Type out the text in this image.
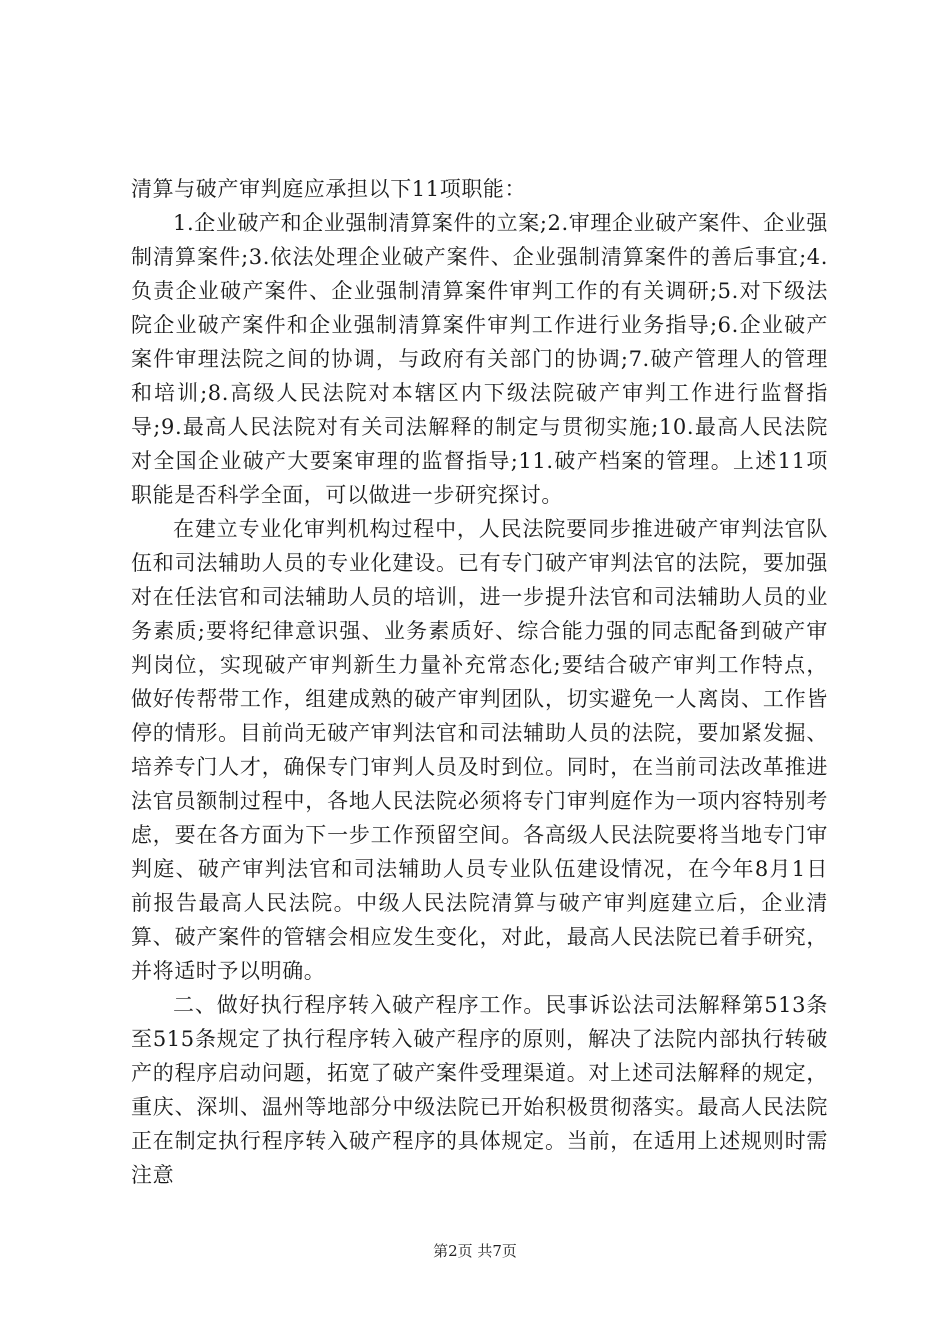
清算与破产审判庭应承担以下11项职能：

1.企业破产和企业强制清算案件的立案;2.审理企业破产案件、企业强制清算案件;3.依法处理企业破产案件、企业强制清算案件的善后事宜;4.负责企业破产案件、企业强制清算案件审判工作的有关调研;5.对下级法院企业破产案件和企业强制清算案件审判工作进行业务指导;6.企业破产案件审理法院之间的协调，与政府有关部门的协调;7.破产管理人的管理和培训;8.高级人民法院对本辖区内下级法院破产审判工作进行监督指导;9.最高人民法院对有关司法解释的制定与贯彻实施;10.最高人民法院对全国企业破产大要案审理的监督指导;11.破产档案的管理。上述11项职能是否科学全面，可以做进一步研究探讨。

在建立专业化审判机构过程中，人民法院要同步推进破产审判法官队伍和司法辅助人员的专业化建设。已有专门破产审判法官的法院，要加强对在任法官和司法辅助人员的培训，进一步提升法官和司法辅助人员的业务素质;要将纪律意识强、业务素质好、综合能力强的同志配备到破产审判岗位，实现破产审判新生力量补充常态化;要结合破产审判工作特点，做好传帮带工作，组建成熟的破产审判团队，切实避免一人离岗、工作皆停的情形。目前尚无破产审判法官和司法辅助人员的法院，要加紧发掘、培养专门人才，确保专门审判人员及时到位。同时，在当前司法改革推进法官员额制过程中，各地人民法院必须将专门审判庭作为一项内容特别考虑，要在各方面为下一步工作预留空间。各高级人民法院要将当地专门审判庭、破产审判法官和司法辅助人员专业队伍建设情况，在今年8月1日前报告最高人民法院。中级人民法院清算与破产审判庭建立后，企业清算、破产案件的管辖会相应发生变化，对此，最高人民法院已着手研究，并将适时予以明确。

二、做好执行程序转入破产程序工作。民事诉讼法司法解释第513条至515条规定了执行程序转入破产程序的原则，解决了法院内部执行转破产的程序启动问题，拓宽了破产案件受理渠道。对上述司法解释的规定，重庆、深圳、温州等地部分中级法院已开始积极贯彻落实。最高人民法院正在制定执行程序转入破产程序的具体规定。当前，在适用上述规则时需注意

第2页 共7页
